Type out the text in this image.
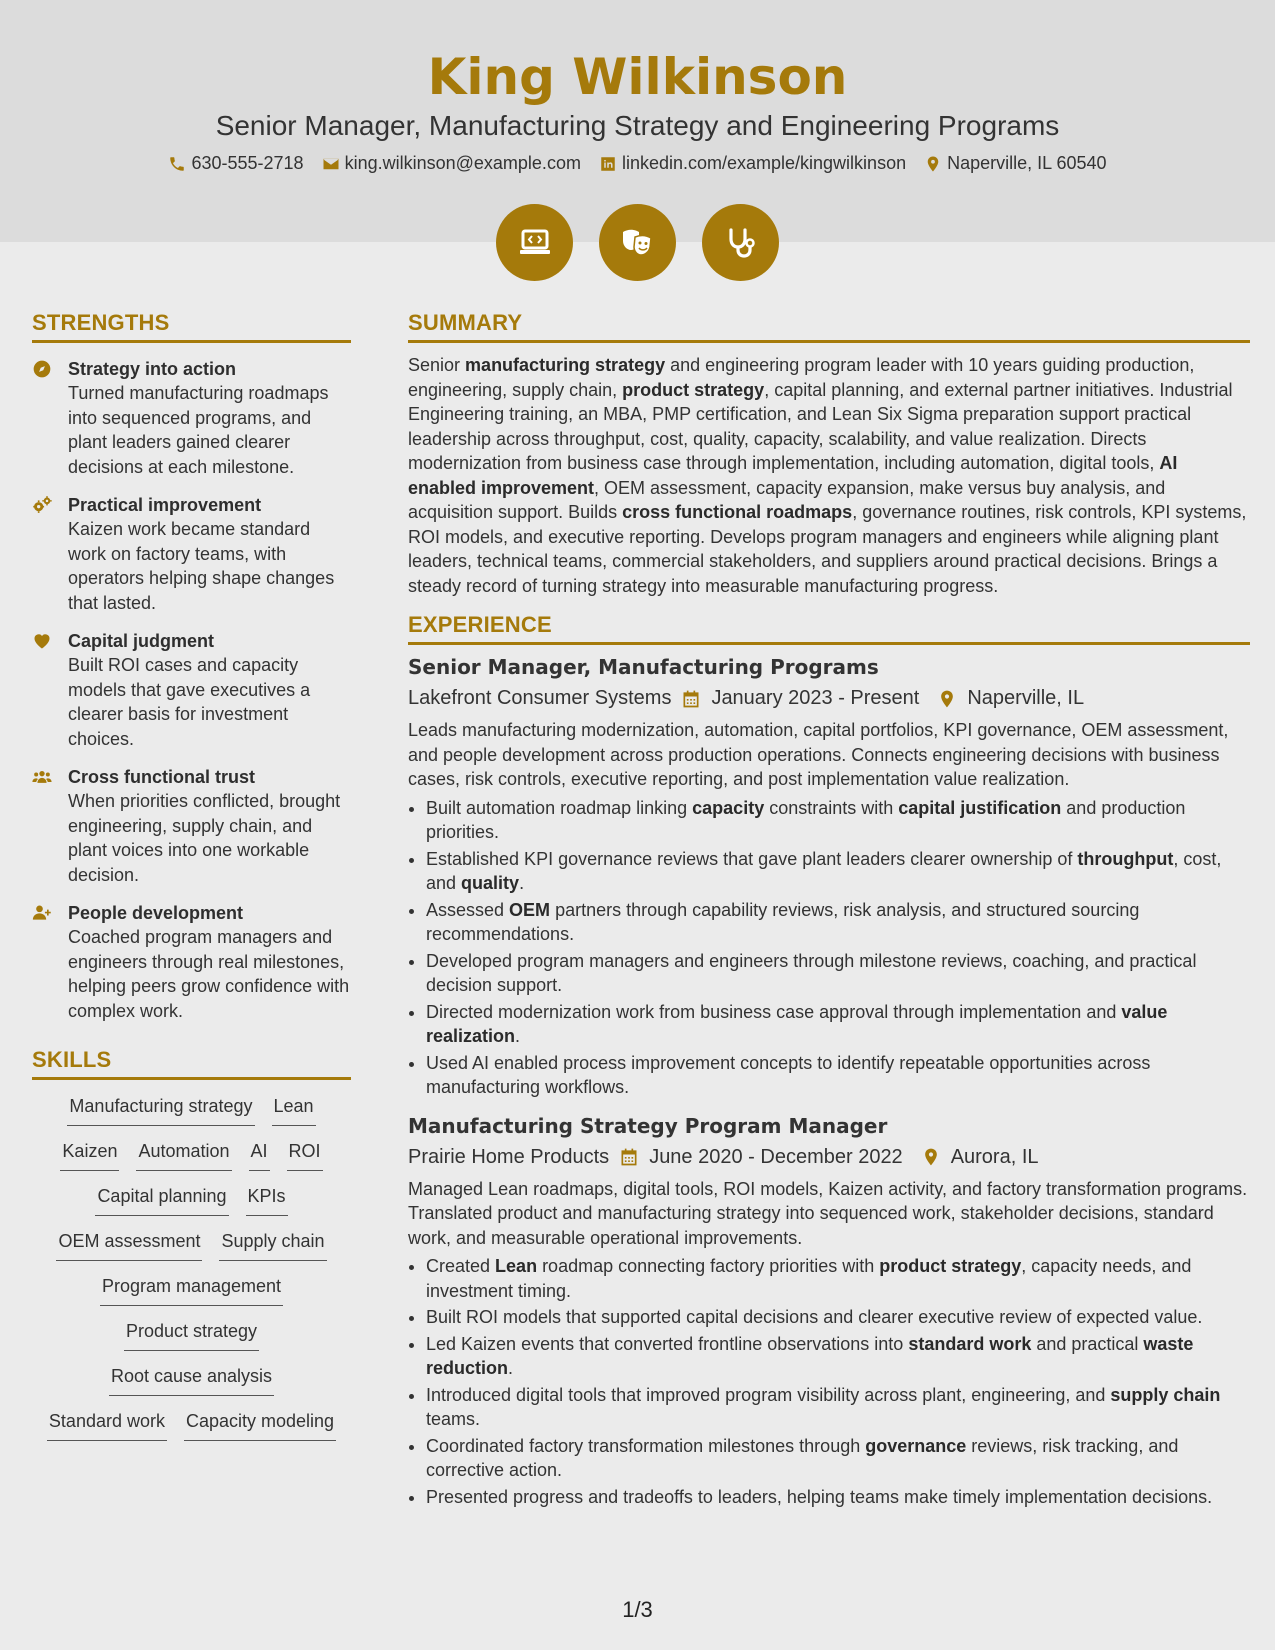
King Wilkinson
Senior Manager, Manufacturing Strategy and Engineering Programs
630-555-2718 king.wilkinson@example.com linkedin.com/example/kingwilkinson Naperville, IL 60540
STRENGTHS
Strategy into action
Turned manufacturing roadmaps into sequenced programs, and plant leaders gained clearer decisions at each milestone.
Practical improvement
Kaizen work became standard work on factory teams, with operators helping shape changes that lasted.
Capital judgment
Built ROI cases and capacity models that gave executives a clearer basis for investment choices.
Cross functional trust
When priorities conflicted, brought engineering, supply chain, and plant voices into one workable decision.
People development
Coached program managers and engineers through real milestones, helping peers grow confidence with complex work.
SKILLS
Manufacturing strategy Lean
Kaizen Automation AI ROI
Capital planning KPIs
OEM assessment Supply chain
Program management
Product strategy
Root cause analysis
Standard work Capacity modeling
SUMMARY
Senior manufacturing strategy and engineering program leader with 10 years guiding production, engineering, supply chain, product strategy, capital planning, and external partner initiatives. Industrial Engineering training, an MBA, PMP certification, and Lean Six Sigma preparation support practical leadership across throughput, cost, quality, capacity, scalability, and value realization. Directs modernization from business case through implementation, including automation, digital tools, AI enabled improvement, OEM assessment, capacity expansion, make versus buy analysis, and acquisition support. Builds cross functional roadmaps, governance routines, risk controls, KPI systems, ROI models, and executive reporting. Develops program managers and engineers while aligning plant leaders, technical teams, commercial stakeholders, and suppliers around practical decisions. Brings a steady record of turning strategy into measurable manufacturing progress.
EXPERIENCE
Senior Manager, Manufacturing Programs
Lakefront Consumer Systems January 2023 - Present Naperville, IL
Leads manufacturing modernization, automation, capital portfolios, KPI governance, OEM assessment, and people development across production operations. Connects engineering decisions with business cases, risk controls, executive reporting, and post implementation value realization.
• Built automation roadmap linking capacity constraints with capital justification and production priorities.
• Established KPI governance reviews that gave plant leaders clearer ownership of throughput, cost, and quality.
• Assessed OEM partners through capability reviews, risk analysis, and structured sourcing recommendations.
• Developed program managers and engineers through milestone reviews, coaching, and practical decision support.
• Directed modernization work from business case approval through implementation and value realization.
• Used AI enabled process improvement concepts to identify repeatable opportunities across manufacturing workflows.
Manufacturing Strategy Program Manager
Prairie Home Products June 2020 - December 2022 Aurora, IL
Managed Lean roadmaps, digital tools, ROI models, Kaizen activity, and factory transformation programs. Translated product and manufacturing strategy into sequenced work, stakeholder decisions, standard work, and measurable operational improvements.
• Created Lean roadmap connecting factory priorities with product strategy, capacity needs, and investment timing.
• Built ROI models that supported capital decisions and clearer executive review of expected value.
• Led Kaizen events that converted frontline observations into standard work and practical waste reduction.
• Introduced digital tools that improved program visibility across plant, engineering, and supply chain teams.
• Coordinated factory transformation milestones through governance reviews, risk tracking, and corrective action.
• Presented progress and tradeoffs to leaders, helping teams make timely implementation decisions.
1/3
